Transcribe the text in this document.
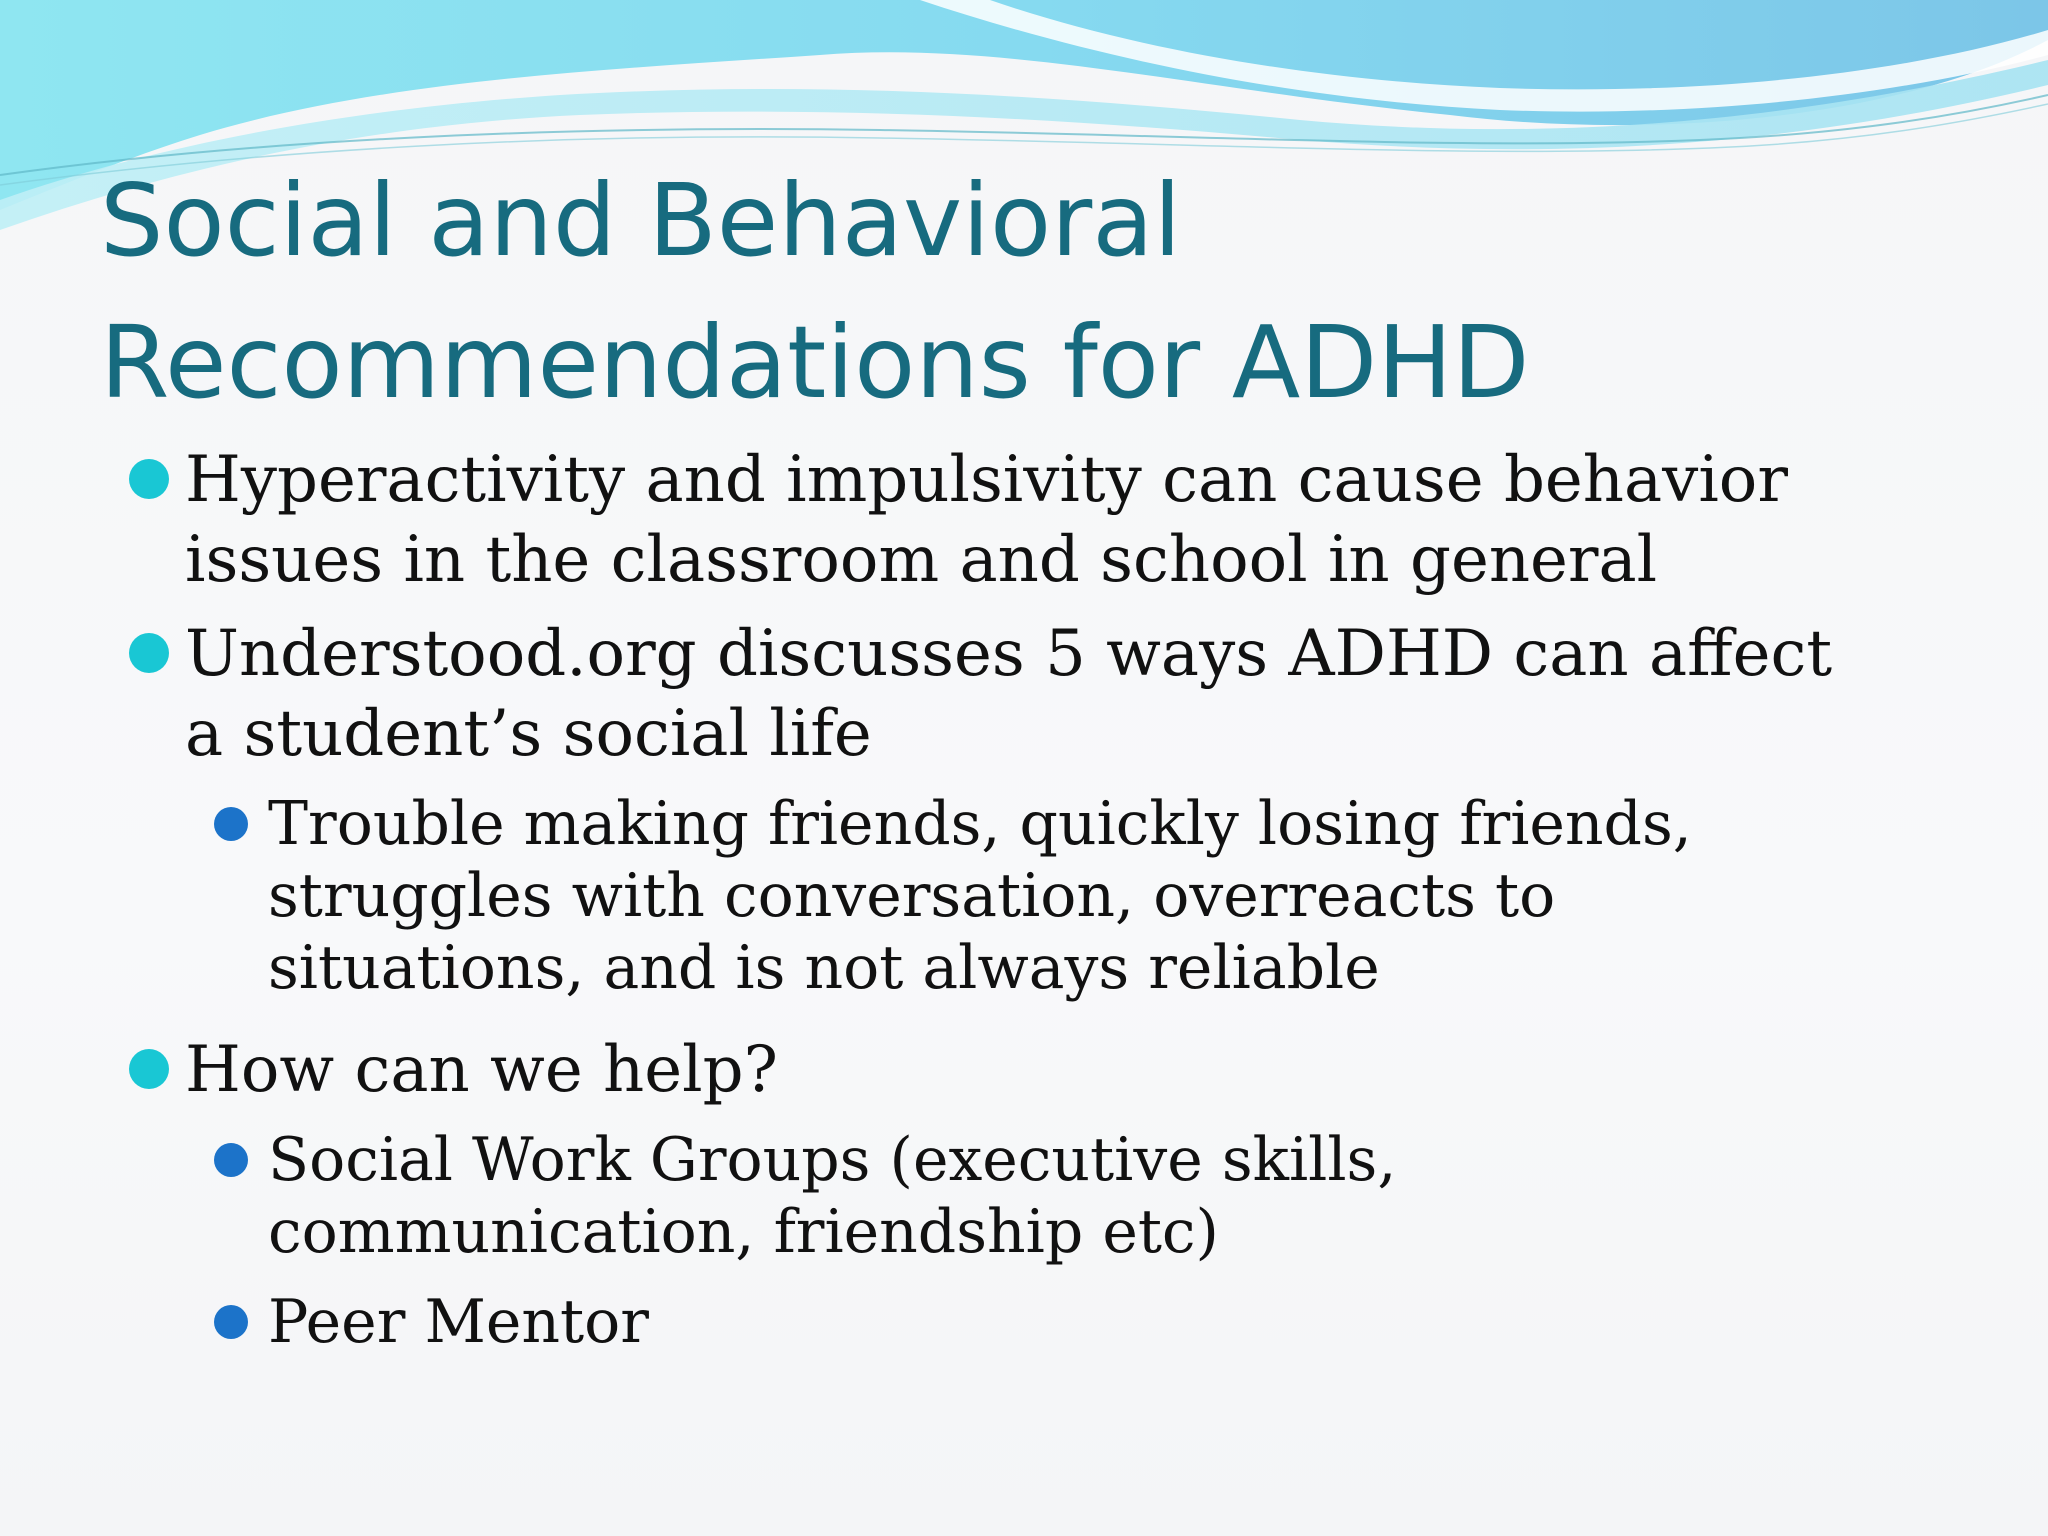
Social and Behavioral
Recommendations for ADHD
Hyperactivity and impulsivity can cause behavior issues in the classroom and school in general
Understood.org discusses 5 ways ADHD can affect a student’s social life
Trouble making friends, quickly losing friends, struggles with conversation, overreacts to situations, and is not always reliable
How can we help?
Social Work Groups (executive skills, communication, friendship etc)
Peer Mentor
